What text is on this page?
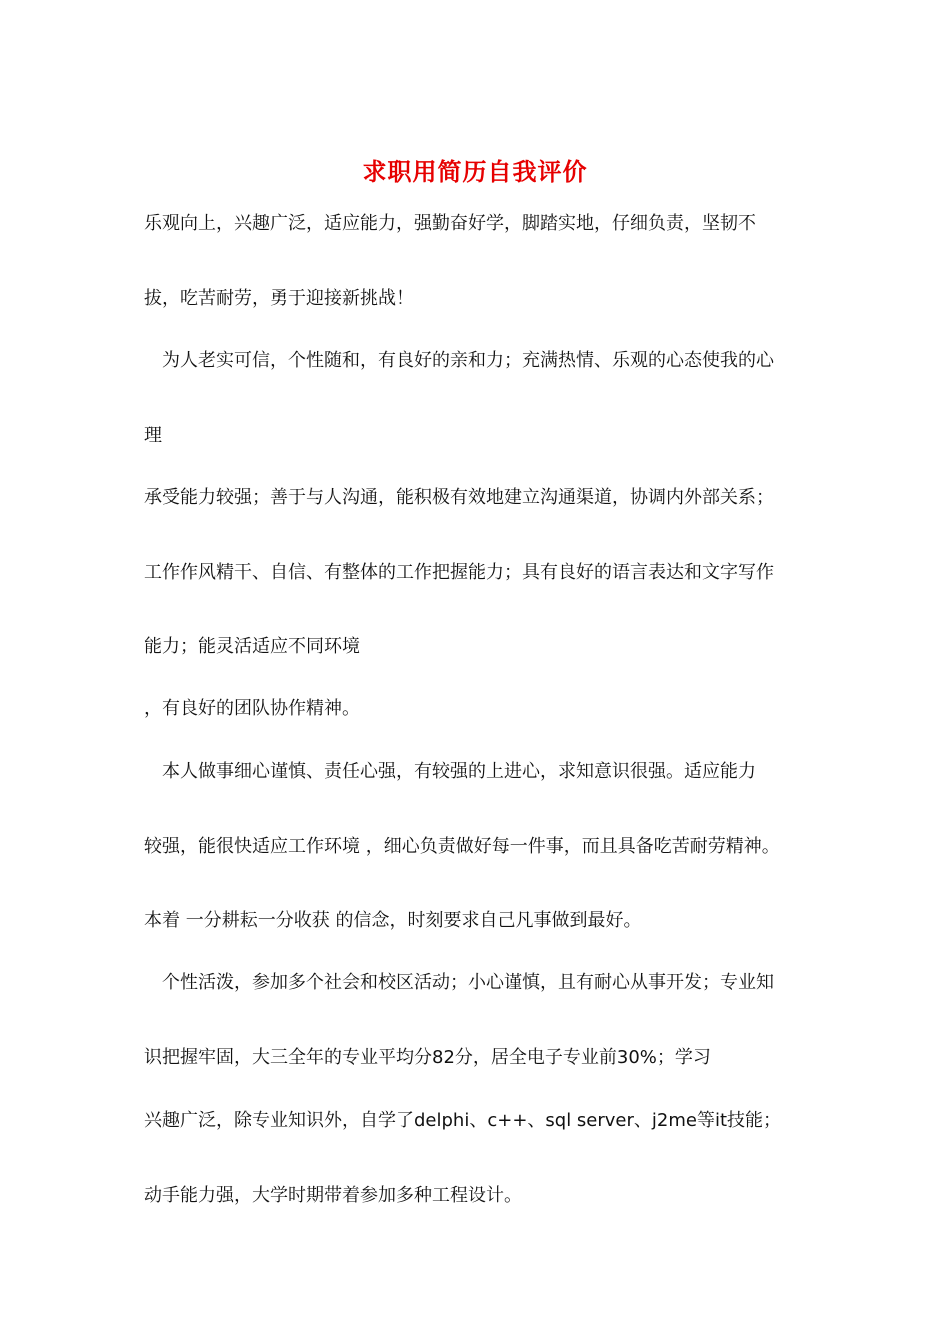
求职用简历自我评价
乐观向上，兴趣广泛，适应能力，强勤奋好学，脚踏实地，仔细负责，坚韧不
拔，吃苦耐劳，勇于迎接新挑战！
　为人老实可信，个性随和，有良好的亲和力；充满热情、乐观的心态使我的心
理
承受能力较强；善于与人沟通，能积极有效地建立沟通渠道，协调内外部关系；
工作作风精干、自信、有整体的工作把握能力；具有良好的语言表达和文字写作
能力；能灵活适应不同环境
，有良好的团队协作精神。
　本人做事细心谨慎、责任心强，有较强的上进心，求知意识很强。适应能力
较强，能很快适应工作环境 ，细心负责做好每一件事，而且具备吃苦耐劳精神。
本着 一分耕耘一分收获 的信念，时刻要求自己凡事做到最好。
　个性活泼，参加多个社会和校区活动；小心谨慎，且有耐心从事开发；专业知
识把握牢固，大三全年的专业平均分82分，居全电子专业前30%；学习
兴趣广泛，除专业知识外，自学了delphi、c++、sql server、j2me等it技能；
动手能力强，大学时期带着参加多种工程设计。
